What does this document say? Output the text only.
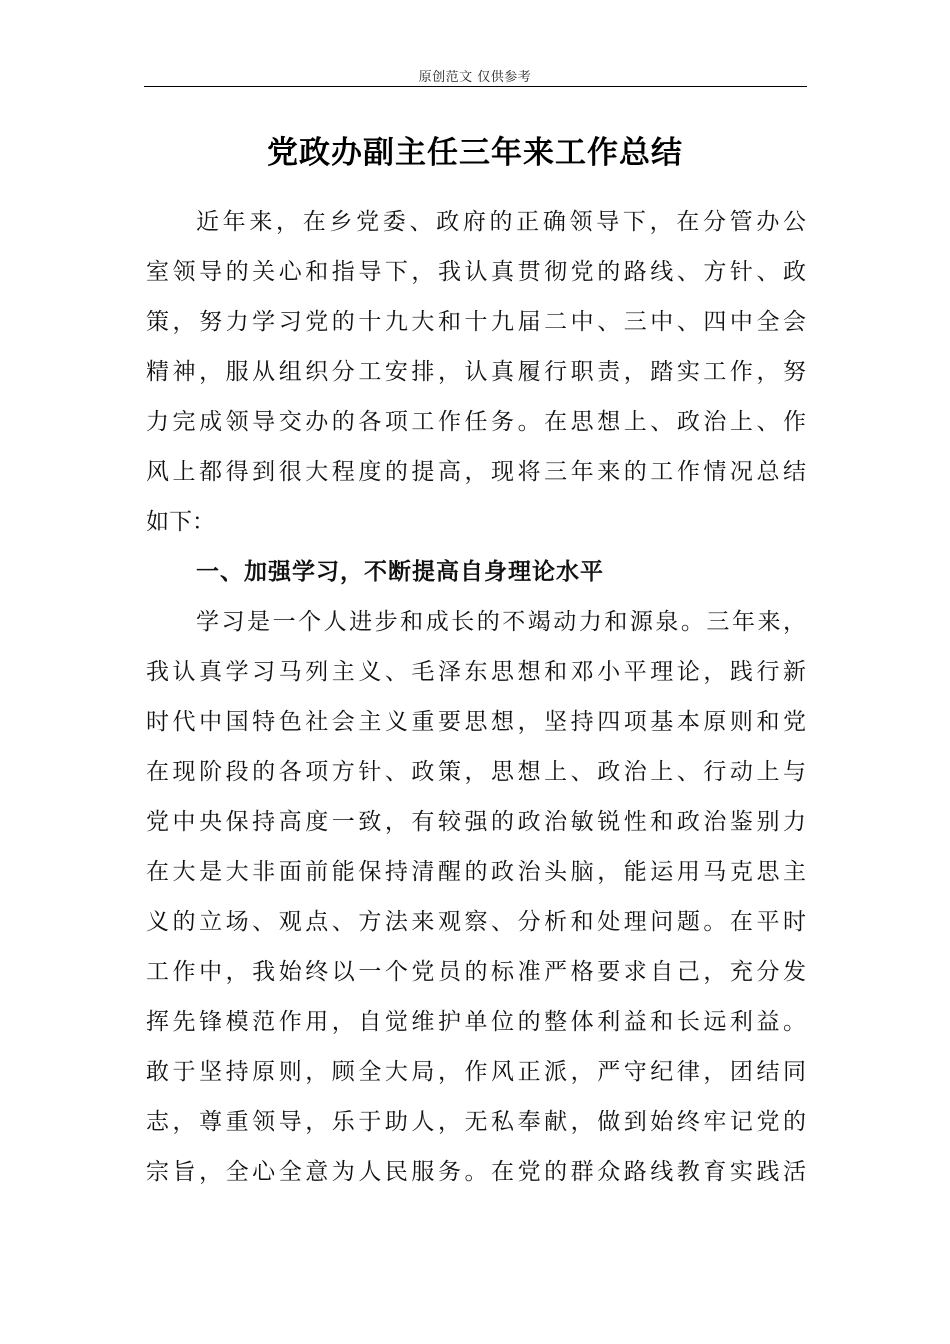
原创范文 仅供参考
党政办副主任三年来工作总结
近年来，在乡党委、政府的正确领导下，在分管办公
室领导的关心和指导下，我认真贯彻党的路线、方针、政
策，努力学习党的十九大和十九届二中、三中、四中全会
精神，服从组织分工安排，认真履行职责，踏实工作，努
力完成领导交办的各项工作任务。在思想上、政治上、作
风上都得到很大程度的提高，现将三年来的工作情况总结
如下：
一、加强学习，不断提高自身理论水平
学习是一个人进步和成长的不竭动力和源泉。三年来，
我认真学习马列主义、毛泽东思想和邓小平理论，践行新
时代中国特色社会主义重要思想，坚持四项基本原则和党
在现阶段的各项方针、政策，思想上、政治上、行动上与
党中央保持高度一致，有较强的政治敏锐性和政治鉴别力
在大是大非面前能保持清醒的政治头脑，能运用马克思主
义的立场、观点、方法来观察、分析和处理问题。在平时
工作中，我始终以一个党员的标准严格要求自己，充分发
挥先锋模范作用，自觉维护单位的整体利益和长远利益。
敢于坚持原则，顾全大局，作风正派，严守纪律，团结同
志，尊重领导，乐于助人，无私奉献，做到始终牢记党的
宗旨，全心全意为人民服务。在党的群众路线教育实践活
